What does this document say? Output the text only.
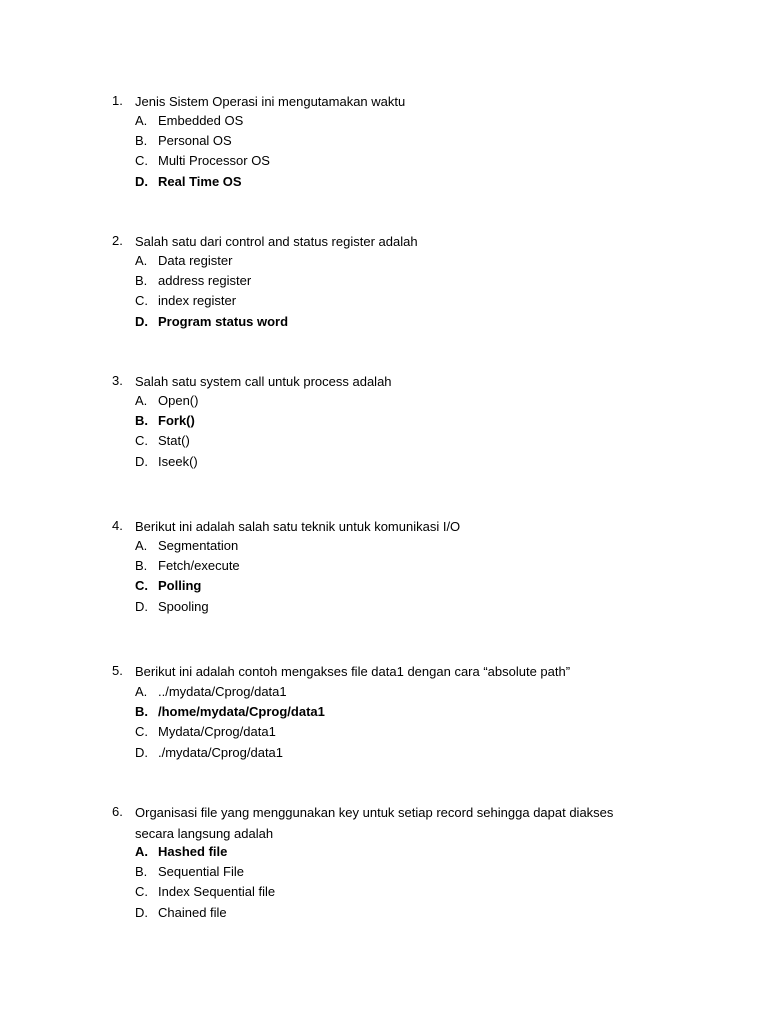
1. Jenis Sistem Operasi ini mengutamakan waktu
A. Embedded OS
B. Personal OS
C. Multi Processor OS
D. Real Time OS
2. Salah satu dari control and status register adalah
A. Data register
B. address register
C. index register
D. Program status word
3. Salah satu system call untuk process adalah
A. Open()
B. Fork()
C. Stat()
D. Iseek()
4. Berikut ini adalah salah satu teknik untuk komunikasi I/O
A. Segmentation
B. Fetch/execute
C. Polling
D. Spooling
5. Berikut ini adalah contoh mengakses file data1 dengan cara “absolute path”
A. ../mydata/Cprog/data1
B. /home/mydata/Cprog/data1
C. Mydata/Cprog/data1
D. ./mydata/Cprog/data1
6. Organisasi file yang menggunakan key untuk setiap record sehingga dapat diakses secara langsung adalah
A. Hashed file
B. Sequential File
C. Index Sequential file
D. Chained file
